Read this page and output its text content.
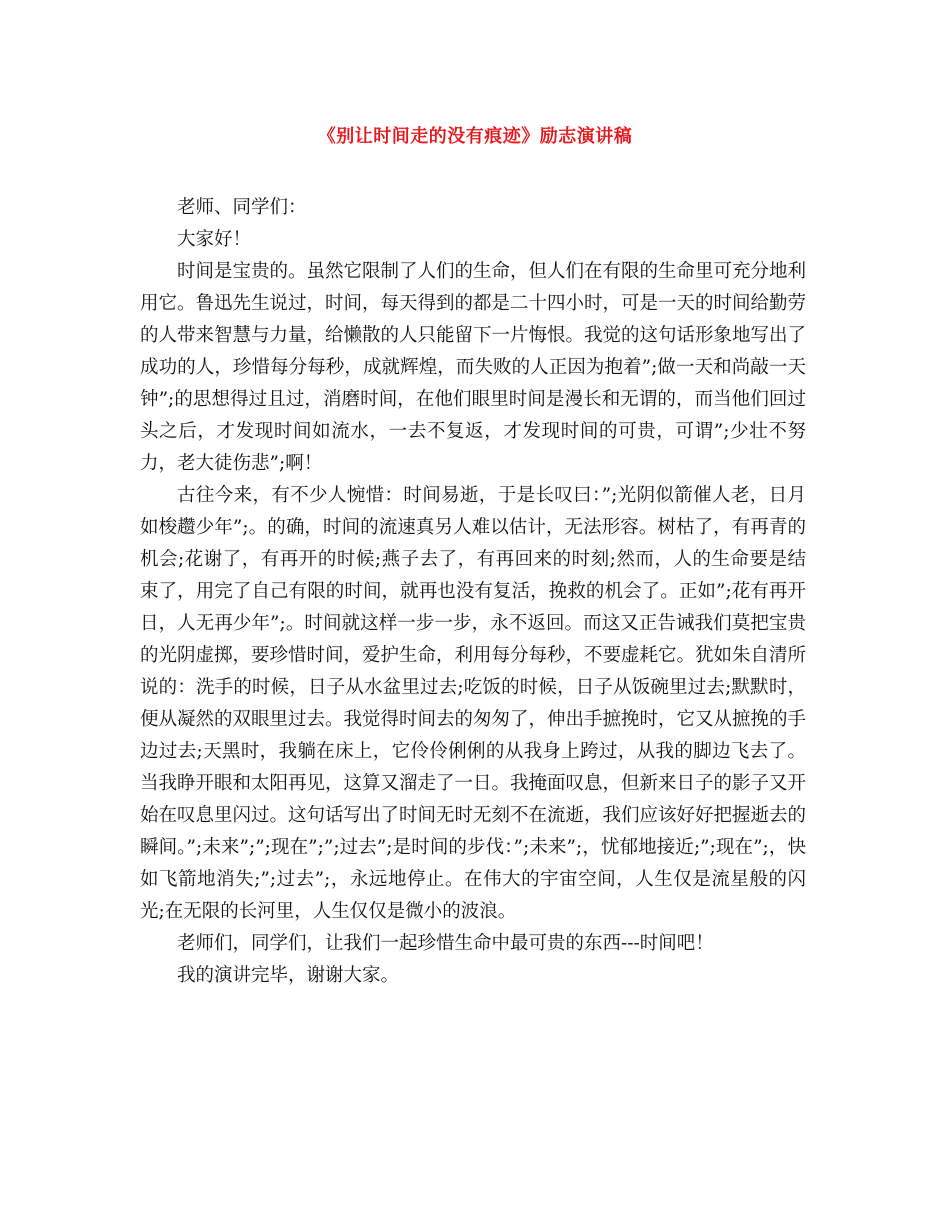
《别让时间走的没有痕迹》励志演讲稿

老师、同学们：

大家好！

时间是宝贵的。虽然它限制了人们的生命，但人们在有限的生命里可充分地利用它。鲁迅先生说过，时间，每天得到的都是二十四小时，可是一天的时间给勤劳的人带来智慧与力量，给懒散的人只能留下一片悔恨。我觉的这句话形象地写出了成功的人，珍惜每分每秒，成就辉煌，而失败的人正因为抱着”;做一天和尚敲一天钟”;的思想得过且过，消磨时间，在他们眼里时间是漫长和无谓的，而当他们回过头之后，才发现时间如流水，一去不复返，才发现时间的可贵，可谓”;少壮不努力，老大徒伤悲”;啊！

古往今来，有不少人惋惜：时间易逝，于是长叹曰：”;光阴似箭催人老，日月如梭趱少年”;。的确，时间的流速真另人难以估计，无法形容。树枯了，有再青的机会;花谢了，有再开的时候;燕子去了，有再回来的时刻;然而，人的生命要是结束了，用完了自己有限的时间，就再也没有复活，挽救的机会了。正如”;花有再开日，人无再少年”;。时间就这样一步一步，永不返回。而这又正告诫我们莫把宝贵的光阴虚掷，要珍惜时间，爱护生命，利用每分每秒，不要虚耗它。犹如朱自清所说的：洗手的时候，日子从水盆里过去;吃饭的时候，日子从饭碗里过去;默默时，便从凝然的双眼里过去。我觉得时间去的匆匆了，伸出手摭挽时，它又从摭挽的手边过去;天黑时，我躺在床上，它伶伶俐俐的从我身上跨过，从我的脚边飞去了。当我睁开眼和太阳再见，这算又溜走了一日。我掩面叹息，但新来日子的影子又开始在叹息里闪过。这句话写出了时间无时无刻不在流逝，我们应该好好把握逝去的瞬间。”;未来”;”;现在”;”;过去”;是时间的步伐：”;未来”;，忧郁地接近;”;现在”;，快如飞箭地消失;”;过去”;，永远地停止。在伟大的宇宙空间，人生仅是流星般的闪光;在无限的长河里，人生仅仅是微小的波浪。

老师们，同学们，让我们一起珍惜生命中最可贵的东西---时间吧！

我的演讲完毕，谢谢大家。
